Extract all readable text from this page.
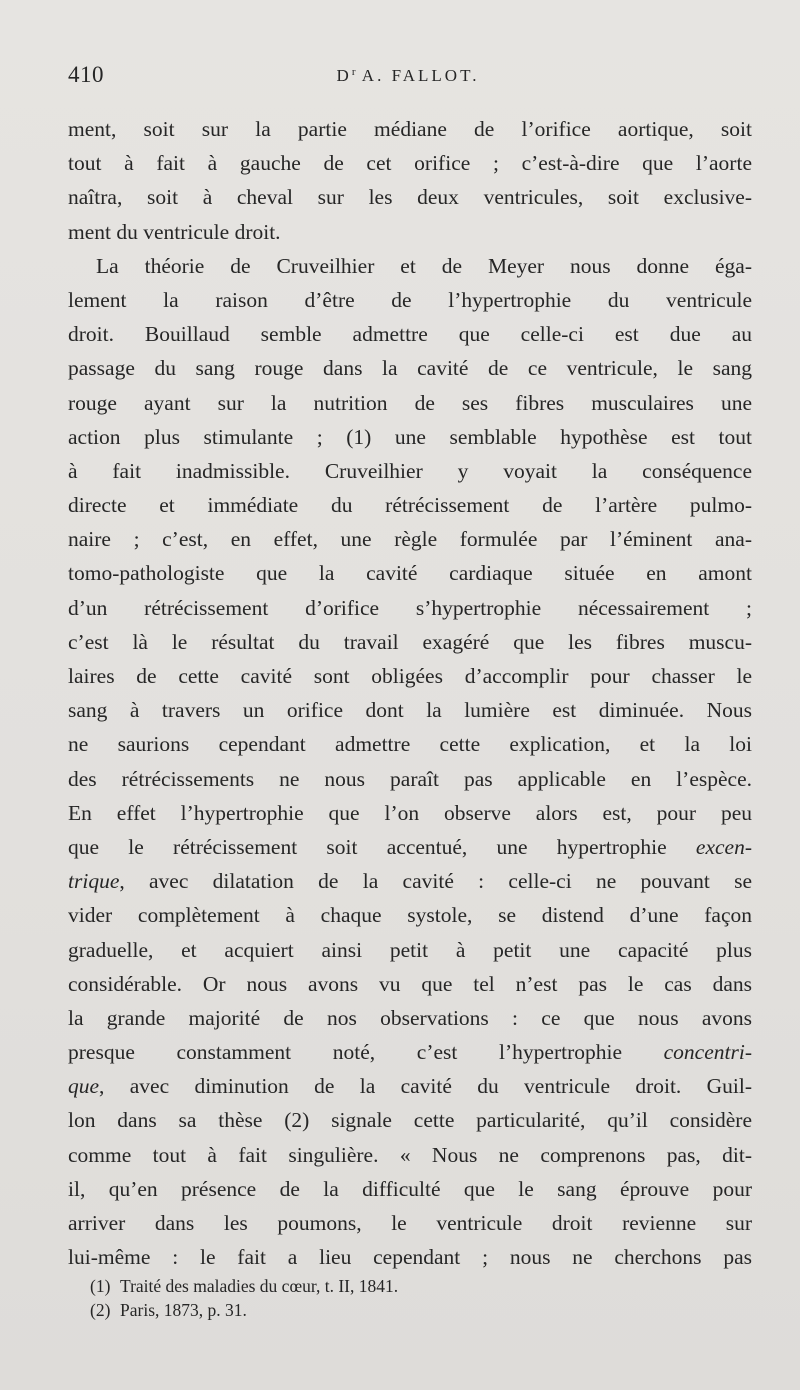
410	$D^r$ A. FALLOT.
ment, soit sur la partie médiane de l’orifice aortique, soit
tout à fait à gauche de cet orifice ; c’est-à-dire que l’aorte
naîtra, soit à cheval sur les deux ventricules, soit exclusive-
ment du ventricule droit.
La théorie de Cruveilhier et de Meyer nous donne éga-
lement la raison d’être de l’hypertrophie du ventricule
droit. Bouillaud semble admettre que celle-ci est due au
passage du sang rouge dans la cavité de ce ventricule, le sang
rouge ayant sur la nutrition de ses fibres musculaires une
action plus stimulante ; (1) une semblable hypothèse est tout
à fait inadmissible. Cruveilhier y voyait la conséquence
directe et immédiate du rétrécissement de l’artère pulmo-
naire ; c’est, en effet, une règle formulée par l’éminent ana-
tomo-pathologiste que la cavité cardiaque située en amont
d’un rétrécissement d’orifice s’hypertrophie nécessairement ;
c’est là le résultat du travail exagéré que les fibres muscu-
laires de cette cavité sont obligées d’accomplir pour chasser le
sang à travers un orifice dont la lumière est diminuée. Nous
ne saurions cependant admettre cette explication, et la loi
des rétrécissements ne nous paraît pas applicable en l’espèce.
En effet l’hypertrophie que l’on observe alors est, pour peu
que le rétrécissement soit accentué, une hypertrophie excen-
trique, avec dilatation de la cavité : celle-ci ne pouvant se
vider complètement à chaque systole, se distend d’une façon
graduelle, et acquiert ainsi petit à petit une capacité plus
considérable. Or nous avons vu que tel n’est pas le cas dans
la grande majorité de nos observations : ce que nous avons
presque constamment noté, c’est l’hypertrophie concentri-
que, avec diminution de la cavité du ventricule droit. Guil-
lon dans sa thèse (2) signale cette particularité, qu’il considère
comme tout à fait singulière. « Nous ne comprenons pas, dit-
il, qu’en présence de la difficulté que le sang éprouve pour
arriver dans les poumons, le ventricule droit revienne sur
lui-même : le fait a lieu cependant ; nous ne cherchons pas
(1) Traité des maladies du cœur, t. II, 1841.
(2) Paris, 1873, p. 31.
